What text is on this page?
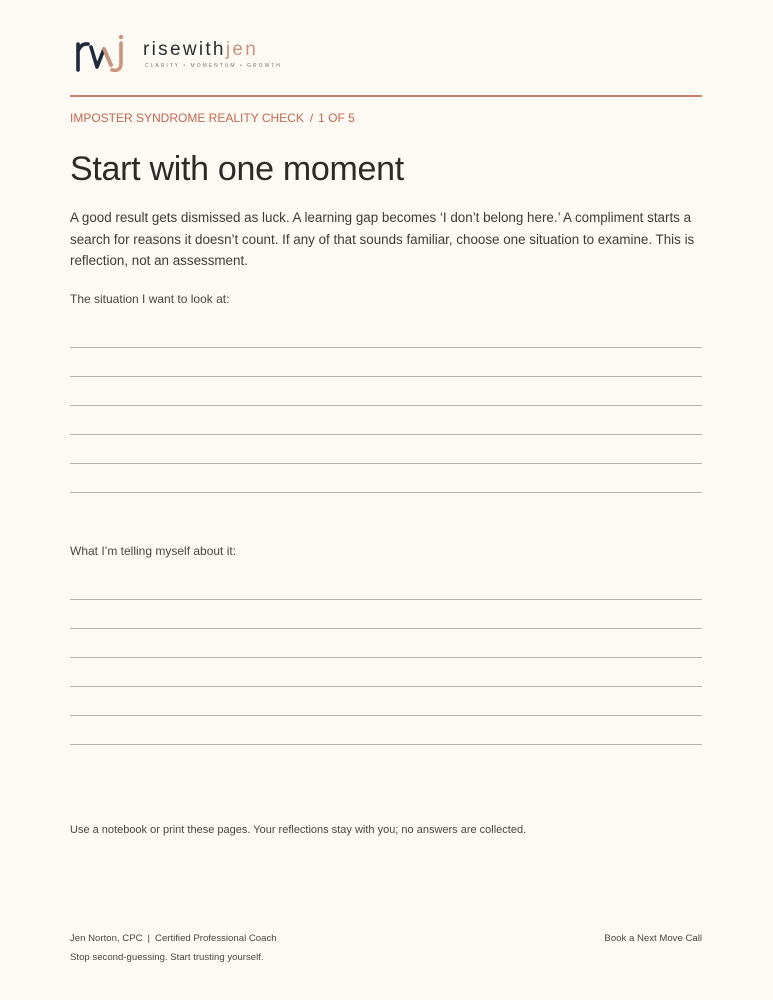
risewithjen
CLARITY • MOMENTUM • GROWTH
IMPOSTER SYNDROME REALITY CHECK / 1 OF 5
Start with one moment

A good result gets dismissed as luck. A learning gap becomes ‘I don’t belong here.’ A compliment starts a search for reasons it doesn’t count. If any of that sounds familiar, choose one situation to examine. This is reflection, not an assessment.

The situation I want to look at:
What I’m telling myself about it:
Use a notebook or print these pages. Your reflections stay with you; no answers are collected.
Jen Norton, CPC | Certified Professional Coach
Stop second-guessing. Start trusting yourself.
Book a Next Move Call
